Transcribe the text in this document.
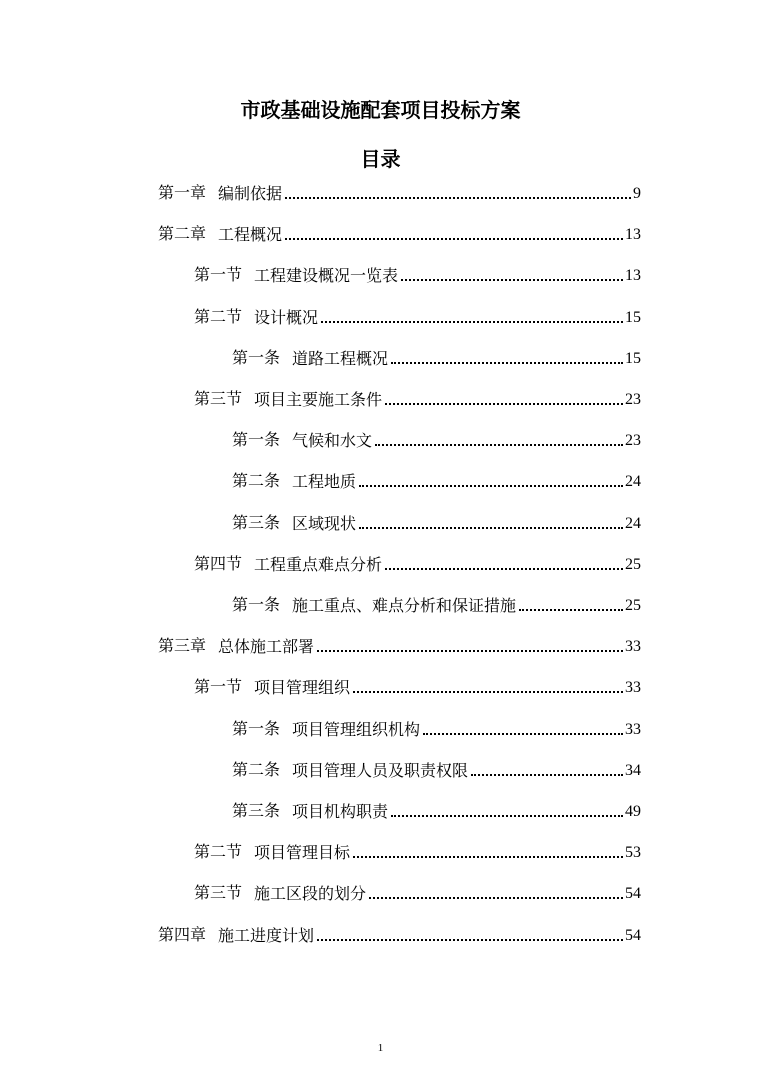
市政基础设施配套项目投标方案
目录
第一章 编制依据	9
第二章 工程概况	13
第一节 工程建设概况一览表	13
第二节 设计概况	15
第一条 道路工程概况	15
第三节 项目主要施工条件	23
第一条 气候和水文	23
第二条 工程地质	24
第三条 区域现状	24
第四节 工程重点难点分析	25
第一条 施工重点、难点分析和保证措施	25
第三章 总体施工部署	33
第一节 项目管理组织	33
第一条 项目管理组织机构	33
第二条 项目管理人员及职责权限	34
第三条 项目机构职责	49
第二节 项目管理目标	53
第三节 施工区段的划分	54
第四章 施工进度计划	54
1
